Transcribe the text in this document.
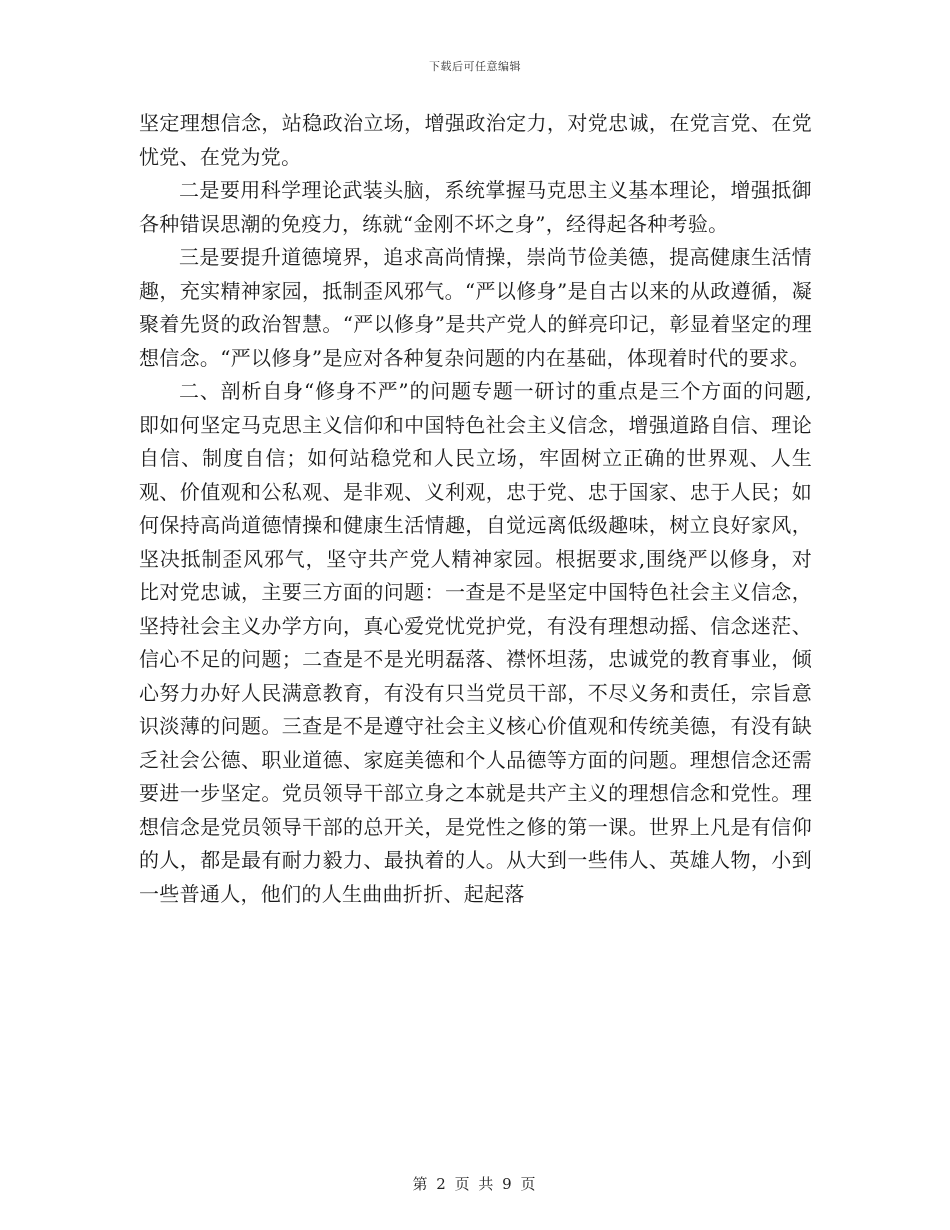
下载后可任意编辑

坚定理想信念，站稳政治立场，增强政治定力，对党忠诚，在党言党、在党忧党、在党为党。

二是要用科学理论武装头脑，系统掌握马克思主义基本理论，增强抵御各种错误思潮的免疫力，练就“金刚不坏之身”，经得起各种考验。

三是要提升道德境界，追求高尚情操，崇尚节俭美德，提高健康生活情趣，充实精神家园，抵制歪风邪气。“严以修身”是自古以来的从政遵循，凝聚着先贤的政治智慧。“严以修身”是共产党人的鲜亮印记，彰显着坚定的理想信念。“严以修身”是应对各种复杂问题的内在基础，体现着时代的要求。

二、剖析自身“修身不严”的问题专题一研讨的重点是三个方面的问题,即如何坚定马克思主义信仰和中国特色社会主义信念，增强道路自信、理论自信、制度自信；如何站稳党和人民立场，牢固树立正确的世界观、人生观、价值观和公私观、是非观、义利观，忠于党、忠于国家、忠于人民；如何保持高尚道德情操和健康生活情趣，自觉远离低级趣味，树立良好家风，坚决抵制歪风邪气，坚守共产党人精神家园。根据要求,围绕严以修身，对比对党忠诚，主要三方面的问题：一查是不是坚定中国特色社会主义信念，坚持社会主义办学方向，真心爱党忧党护党，有没有理想动摇、信念迷茫、信心不足的问题；二查是不是光明磊落、襟怀坦荡，忠诚党的教育事业，倾心努力办好人民满意教育，有没有只当党员干部，不尽义务和责任，宗旨意识淡薄的问题。三查是不是遵守社会主义核心价值观和传统美德，有没有缺乏社会公德、职业道德、家庭美德和个人品德等方面的问题。理想信念还需要进一步坚定。党员领导干部立身之本就是共产主义的理想信念和党性。理想信念是党员领导干部的总开关，是党性之修的第一课。世界上凡是有信仰的人，都是最有耐力毅力、最执着的人。从大到一些伟人、英雄人物，小到一些普通人，他们的人生曲曲折折、起起落

第 2 页 共 9 页
